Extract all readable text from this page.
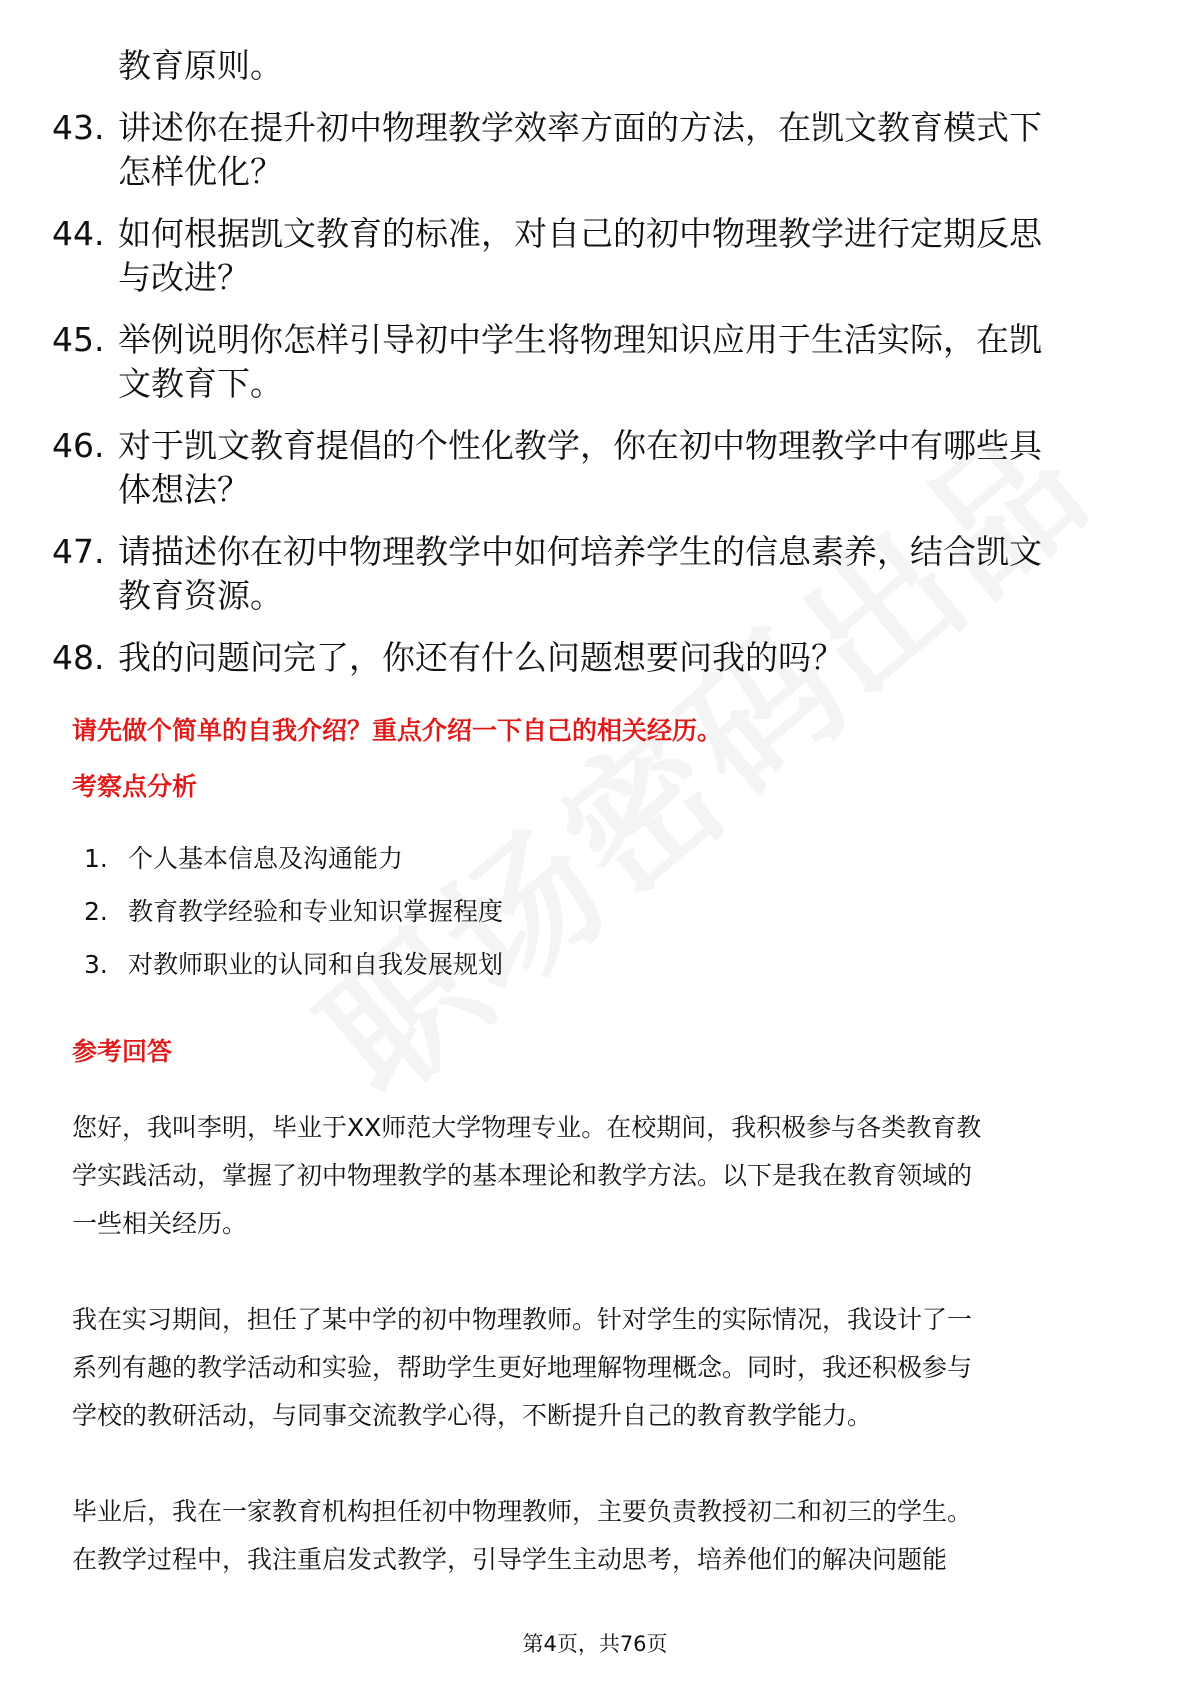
教育原则。
43. 讲述你在提升初中物理教学效率方面的方法，在凯文教育模式下
怎样优化？
44. 如何根据凯文教育的标准，对自己的初中物理教学进行定期反思
与改进？
45. 举例说明你怎样引导初中学生将物理知识应用于生活实际，在凯
文教育下。
46. 对于凯文教育提倡的个性化教学，你在初中物理教学中有哪些具
体想法？
47. 请描述你在初中物理教学中如何培养学生的信息素养，结合凯文
教育资源。
48. 我的问题问完了，你还有什么问题想要问我的吗？
请先做个简单的自我介绍？重点介绍一下自己的相关经历。
考察点分析
1. 个人基本信息及沟通能力
2. 教育教学经验和专业知识掌握程度
3. 对教师职业的认同和自我发展规划
参考回答
您好，我叫李明，毕业于XX师范大学物理专业。在校期间，我积极参与各类教育教
学实践活动，掌握了初中物理教学的基本理论和教学方法。以下是我在教育领域的
一些相关经历。
我在实习期间，担任了某中学的初中物理教师。针对学生的实际情况，我设计了一
系列有趣的教学活动和实验，帮助学生更好地理解物理概念。同时，我还积极参与
学校的教研活动，与同事交流教学心得，不断提升自己的教育教学能力。
毕业后，我在一家教育机构担任初中物理教师，主要负责教授初二和初三的学生。
在教学过程中，我注重启发式教学，引导学生主动思考，培养他们的解决问题能
第4页，共76页
